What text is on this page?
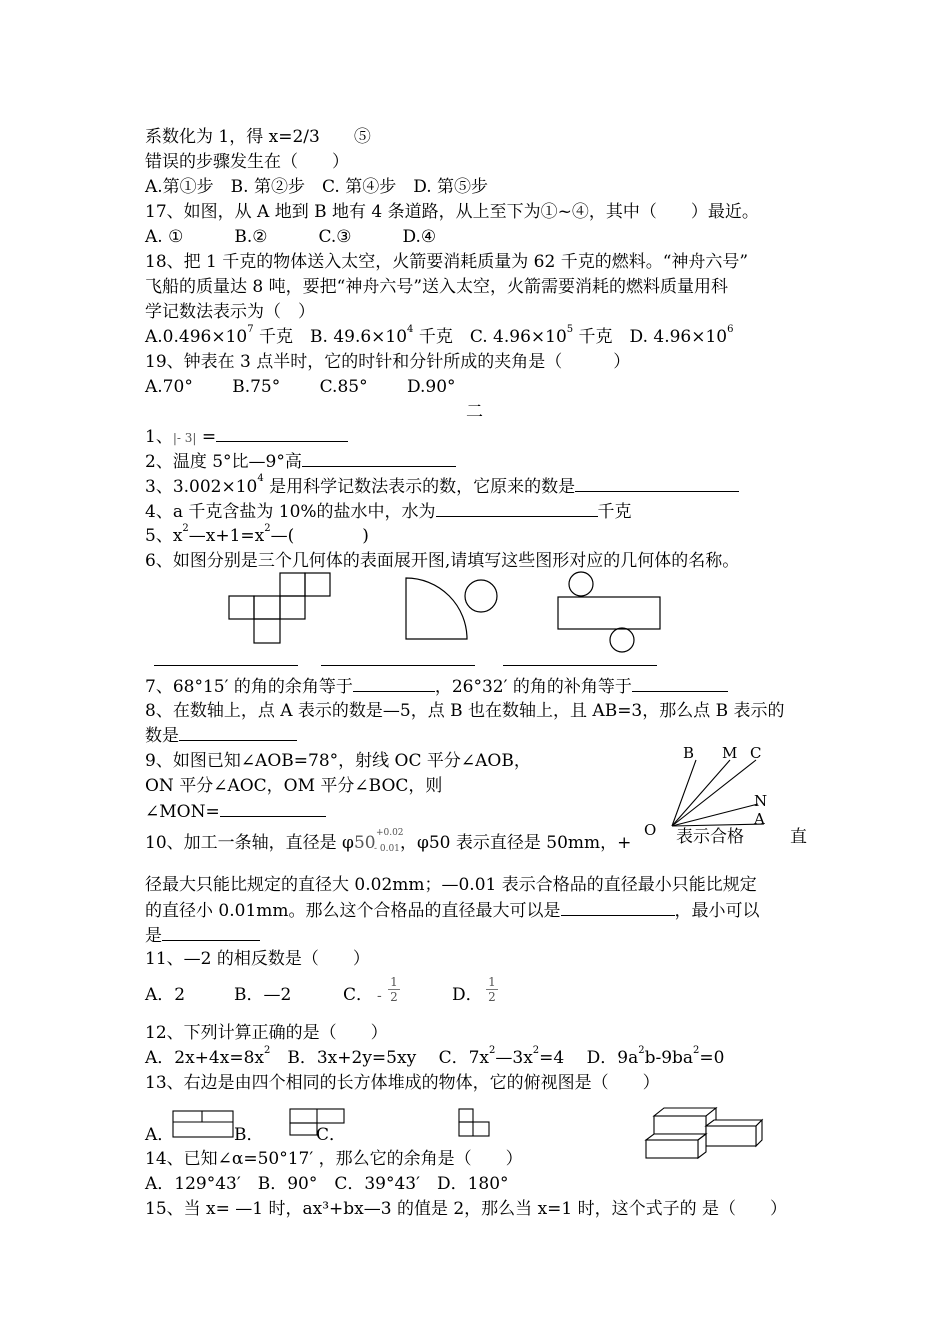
系数化为 1，得 x=2/3　　⑤
错误的步骤发生在（　　）
A.第①步　B. 第②步　C. 第④步　D. 第⑤步
17、如图，从 A 地到 B 地有 4 条道路，从上至下为①~④，其中（　　）最近。
A. ①　　　B.②　　　C.③　　　D.④
18、把 1 千克的物体送入太空，火箭要消耗质量为 62 千克的燃料。“神舟六号”
飞船的质量达 8 吨，要把“神舟六号”送入太空，火箭需要消耗的燃料质量用科
学记数法表示为（　）
$A.0.496\times 10^7$ 千克　B. $49.6\times 10^4$ 千克　C. $4.96\times 10^5$ 千克　D. $4.96\times 10^6$
19、钟表在 3 点半时，它的时针和分针所成的夹角是（　　　）
A.70°　　 B.75°　　 C.85°　　 D.90°
二
1、|- 3| =
2、温度 5°比—9°高
3、$3.002\times 10^4$ 是用科学记数法表示的数，它原来的数是
4、a 千克含盐为 10%的盐水中，水为	千克
5、$x^2—x+1=x^2—$(　　　　)
6、如图分别是三个几何体的表面展开图,请填写这些图形对应的几何体的名称。
7、68°15′ 的角的余角等于	，26°32′ 的角的补角等于
8、在数轴上，点 A 表示的数是—5，点 B 也在数轴上，且 AB=3，那么点 B 表示的
数是
9、如图已知∠AOB=78°，射线 OC 平分∠AOB，
ON 平分∠AOC，OM 平分∠BOC，则
∠MON=
B M C
N
A
O
10、加工一条轴，直径是 φ 50 +0.02
- 0.01 ，φ50 表示直径是 50mm，+	表示合格	直
径最大只能比规定的直径大 0.02mm；—0.01 表示合格品的直径最小只能比规定
的直径小 0.01mm。那么这个合格品的直径最大可以是	，最小可以
是
11、—2 的相反数是（　　）
A．2	B．—2	C． -
1
2	D．
1
2
12、下列计算正确的是（　　）
A．$2x+4x=8x^2$　B．3x+2y=5xy　 C．$7x^2—3x^2=4$　 D．$9a^2b-9ba^2=0$
13、右边是由四个相同的长方体堆成的物体，它的俯视图是（　　）
A．	B．	C．
14、已知∠α=50°17′ ，那么它的余角是（　　）
A．129°43′　B．90°　C．39°43′　D．180°
15、当 x= —1 时，ax³+bx—3 的值是 2，那么当 x=1 时，这个式子的 是（　　）
